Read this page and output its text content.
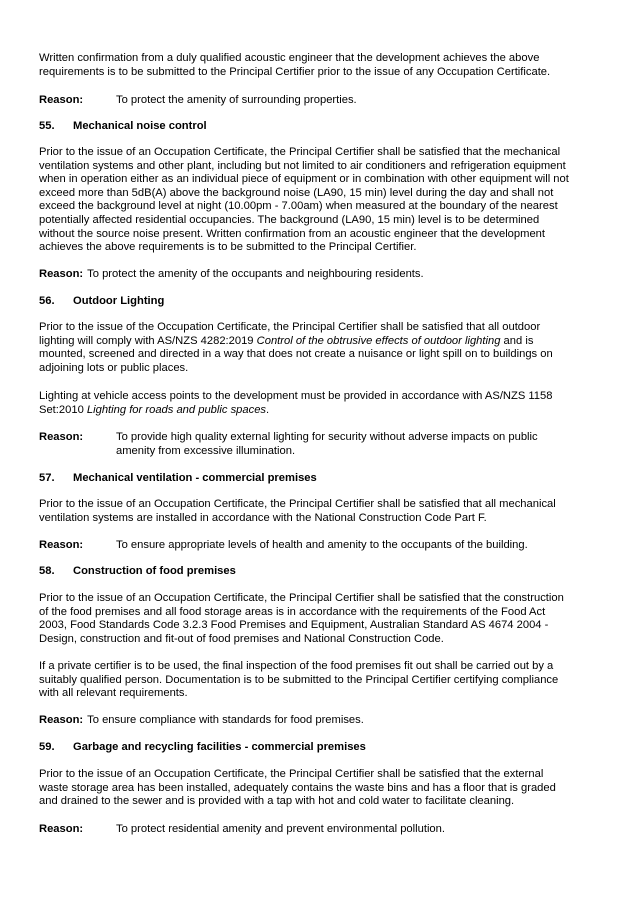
Written confirmation from a duly qualified acoustic engineer that the development achieves the above
requirements is to be submitted to the Principal Certifier prior to the issue of any Occupation Certificate.

Reason:	To protect the amenity of surrounding properties.

55. Mechanical noise control

Prior to the issue of an Occupation Certificate, the Principal Certifier shall be satisfied that the mechanical
ventilation systems and other plant, including but not limited to air conditioners and refrigeration equipment
when in operation either as an individual piece of equipment or in combination with other equipment will not
exceed more than 5dB(A) above the background noise (LA90, 15 min) level during the day and shall not
exceed the background level at night (10.00pm - 7.00am) when measured at the boundary of the nearest
potentially affected residential occupancies. The background (LA90, 15 min) level is to be determined
without the source noise present. Written confirmation from an acoustic engineer that the development
achieves the above requirements is to be submitted to the Principal Certifier.

Reason: To protect the amenity of the occupants and neighbouring residents.

56. Outdoor Lighting

Prior to the issue of the Occupation Certificate, the Principal Certifier shall be satisfied that all outdoor
lighting will comply with AS/NZS 4282:2019 Control of the obtrusive effects of outdoor lighting and is
mounted, screened and directed in a way that does not create a nuisance or light spill on to buildings on
adjoining lots or public places.

Lighting at vehicle access points to the development must be provided in accordance with AS/NZS 1158
Set:2010 Lighting for roads and public spaces.

Reason:	To provide high quality external lighting for security without adverse impacts on public
amenity from excessive illumination.

57. Mechanical ventilation - commercial premises

Prior to the issue of an Occupation Certificate, the Principal Certifier shall be satisfied that all mechanical
ventilation systems are installed in accordance with the National Construction Code Part F.

Reason:	To ensure appropriate levels of health and amenity to the occupants of the building.

58. Construction of food premises

Prior to the issue of an Occupation Certificate, the Principal Certifier shall be satisfied that the construction
of the food premises and all food storage areas is in accordance with the requirements of the Food Act
2003, Food Standards Code 3.2.3 Food Premises and Equipment, Australian Standard AS 4674 2004 -
Design, construction and fit-out of food premises and National Construction Code.

If a private certifier is to be used, the final inspection of the food premises fit out shall be carried out by a
suitably qualified person. Documentation is to be submitted to the Principal Certifier certifying compliance
with all relevant requirements.

Reason: To ensure compliance with standards for food premises.

59. Garbage and recycling facilities - commercial premises

Prior to the issue of an Occupation Certificate, the Principal Certifier shall be satisfied that the external
waste storage area has been installed, adequately contains the waste bins and has a floor that is graded
and drained to the sewer and is provided with a tap with hot and cold water to facilitate cleaning.

Reason:	To protect residential amenity and prevent environmental pollution.
